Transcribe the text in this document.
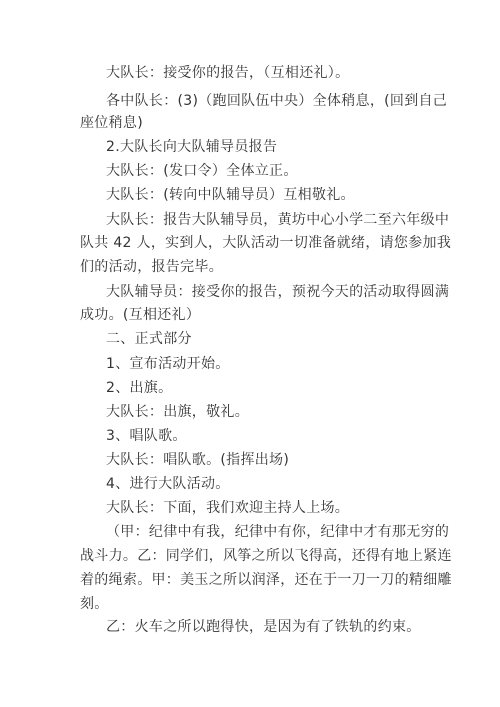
大队长：接受你的报告，（互相还礼）。
各中队长：(3)（跑回队伍中央）全体稍息，(回到自己
座位稍息)
2.大队长向大队辅导员报告
大队长：(发口令）全体立正。
大队长：(转向中队辅导员）互相敬礼。
大队长：报告大队辅导员，黄坊中心小学二至六年级中
队共 42 人，实到人，大队活动一切准备就绪，请您参加我
们的活动，报告完毕。
大队辅导员：接受你的报告，预祝今天的活动取得圆满
成功。(互相还礼）
二、正式部分
1、宣布活动开始。
2、出旗。
大队长：出旗，敬礼。
3、唱队歌。
大队长：唱队歌。(指挥出场)
4、进行大队活动。
大队长：下面，我们欢迎主持人上场。
（甲：纪律中有我，纪律中有你，纪律中才有那无穷的
战斗力。乙：同学们，风筝之所以飞得高，还得有地上紧连
着的绳索。甲：美玉之所以润泽，还在于一刀一刀的精细雕
刻。
乙：火车之所以跑得快，是因为有了铁轨的约束。
